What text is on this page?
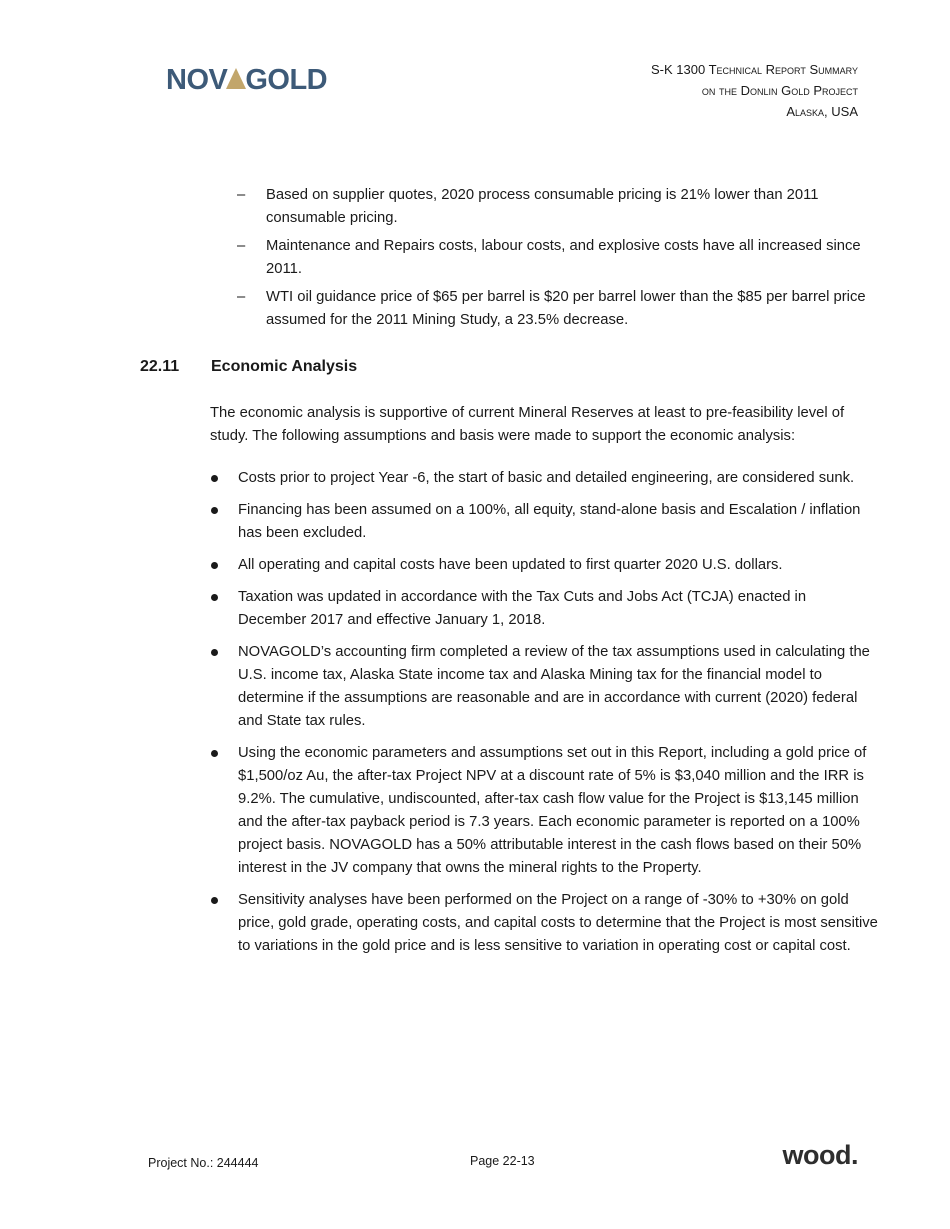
NOV GOLD	S-K 1300 Technical Report Summary
on the Donlin Gold Project
Alaska, USA
– Based on supplier quotes, 2020 process consumable pricing is 21% lower than 2011 consumable pricing.
– Maintenance and Repairs costs, labour costs, and explosive costs have all increased since 2011.
– WTI oil guidance price of $65 per barrel is $20 per barrel lower than the $85 per barrel price assumed for the 2011 Mining Study, a 23.5% decrease.
22.11 Economic Analysis
The economic analysis is supportive of current Mineral Reserves at least to pre-feasibility level of study. The following assumptions and basis were made to support the economic analysis:
Costs prior to project Year -6, the start of basic and detailed engineering, are considered sunk.
Financing has been assumed on a 100%, all equity, stand-alone basis and Escalation / inflation has been excluded.
All operating and capital costs have been updated to first quarter 2020 U.S. dollars.
Taxation was updated in accordance with the Tax Cuts and Jobs Act (TCJA) enacted in December 2017 and effective January 1, 2018.
NOVAGOLD’s accounting firm completed a review of the tax assumptions used in calculating the U.S. income tax, Alaska State income tax and Alaska Mining tax for the financial model to determine if the assumptions are reasonable and are in accordance with current (2020) federal and State tax rules.
Using the economic parameters and assumptions set out in this Report, including a gold price of $1,500/oz Au, the after-tax Project NPV at a discount rate of 5% is $3,040 million and the IRR is 9.2%. The cumulative, undiscounted, after-tax cash flow value for the Project is $13,145 million and the after-tax payback period is 7.3 years. Each economic parameter is reported on a 100% project basis. NOVAGOLD has a 50% attributable interest in the cash flows based on their 50% interest in the JV company that owns the mineral rights to the Property.
Sensitivity analyses have been performed on the Project on a range of -30% to +30% on gold price, gold grade, operating costs, and capital costs to determine that the Project is most sensitive to variations in the gold price and is less sensitive to variation in operating cost or capital cost.
Project No.: 244444	Page 22-13	wood.
